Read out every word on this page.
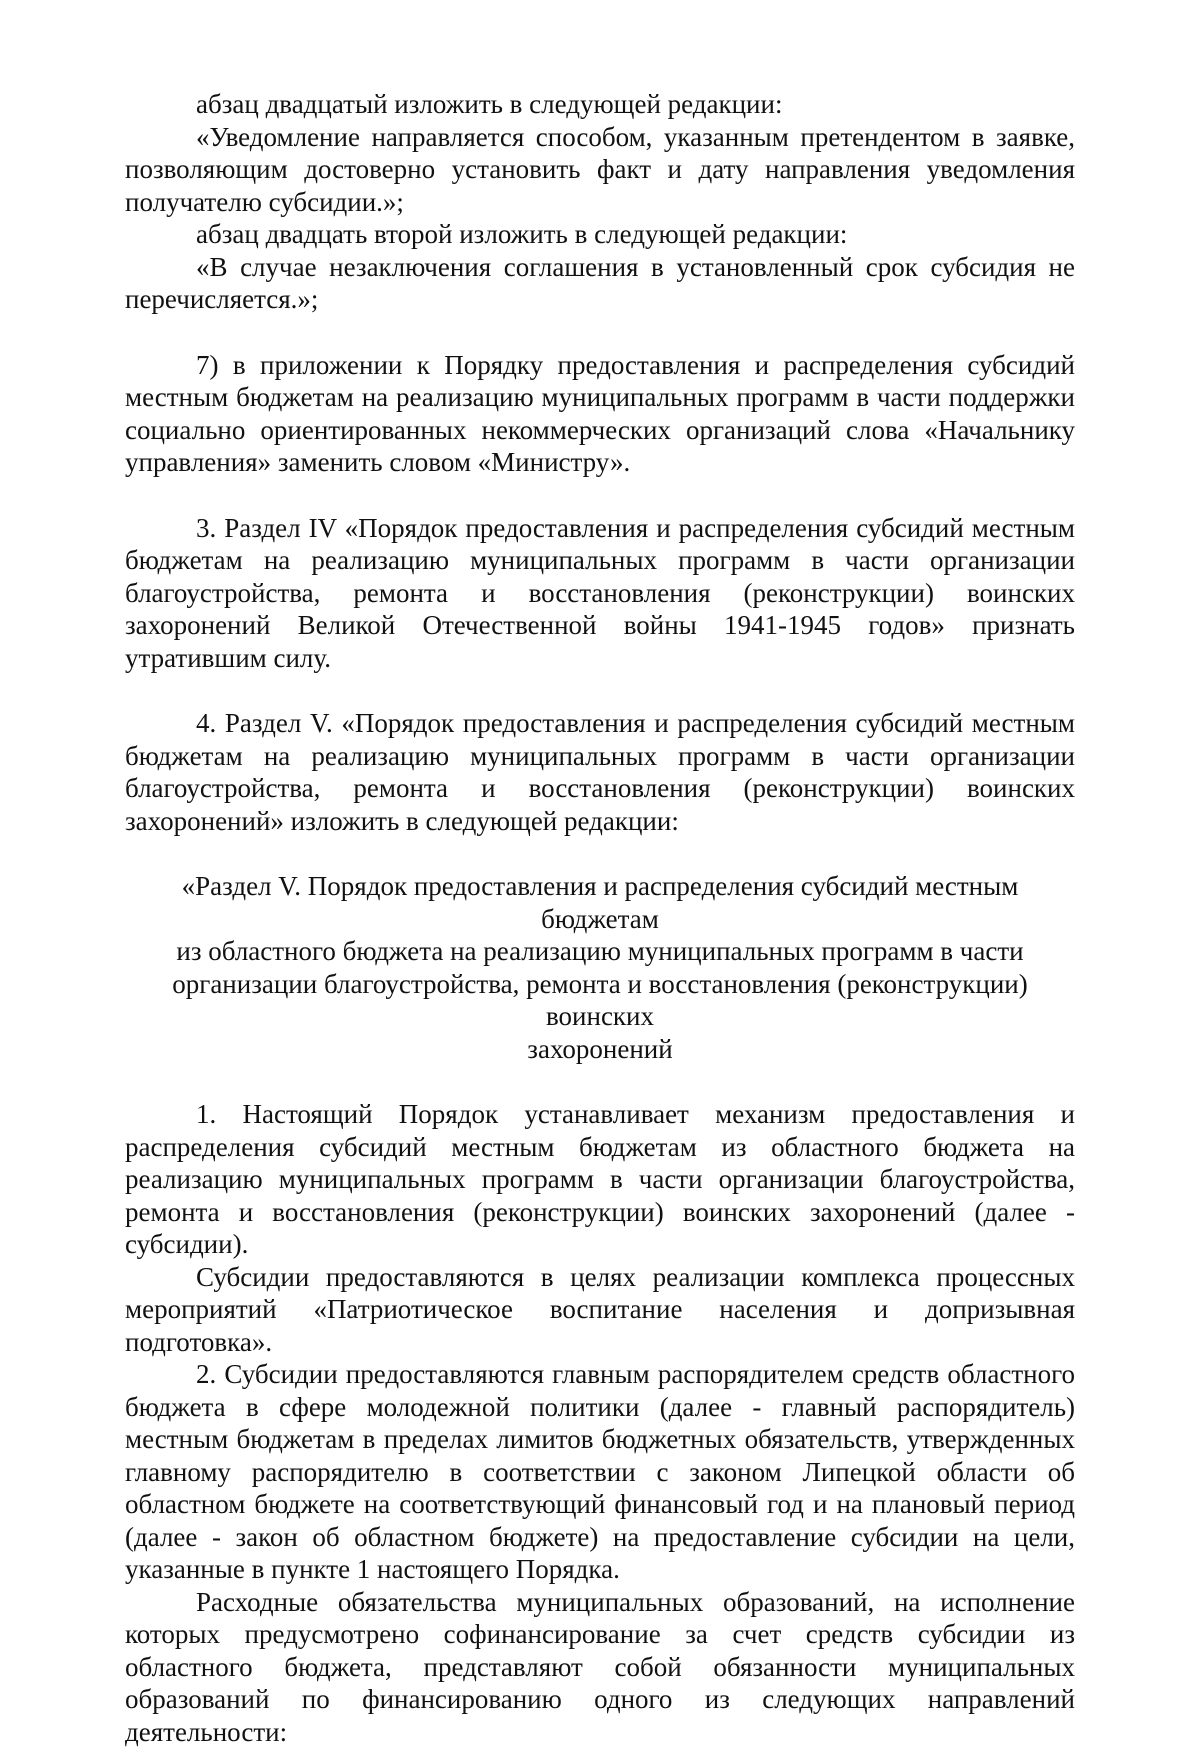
абзац двадцатый изложить в следующей редакции:

«Уведомление направляется способом, указанным претендентом в заявке, позволяющим достоверно установить факт и дату направления уведомления получателю субсидии.»;

абзац двадцать второй изложить в следующей редакции:

«В случае незаключения соглашения в установленный срок субсидия не перечисляется.»;

7) в приложении к Порядку предоставления и распределения субсидий местным бюджетам на реализацию муниципальных программ в части поддержки социально ориентированных некоммерческих организаций слова «Начальнику управления» заменить словом «Министру».

3. Раздел IV «Порядок предоставления и распределения субсидий местным бюджетам на реализацию муниципальных программ в части организации благоустройства, ремонта и восстановления (реконструкции) воинских захоронений Великой Отечественной войны 1941-1945 годов» признать утратившим силу.

4. Раздел V. «Порядок предоставления и распределения субсидий местным бюджетам на реализацию муниципальных программ в части организации благоустройства, ремонта и восстановления (реконструкции) воинских захоронений» изложить в следующей редакции:

«Раздел V. Порядок предоставления и распределения субсидий местным бюджетам

из областного бюджета на реализацию муниципальных программ в части

организации благоустройства, ремонта и восстановления (реконструкции) воинских

захоронений

1. Настоящий Порядок устанавливает механизм предоставления и распределения субсидий местным бюджетам из областного бюджета на реализацию муниципальных программ в части организации благоустройства, ремонта и восстановления (реконструкции) воинских захоронений (далее - субсидии).

Субсидии предоставляются в целях реализации комплекса процессных мероприятий «Патриотическое воспитание населения и допризывная подготовка».

2. Субсидии предоставляются главным распорядителем средств областного бюджета в сфере молодежной политики (далее - главный распорядитель) местным бюджетам в пределах лимитов бюджетных обязательств, утвержденных главному распорядителю в соответствии с законом Липецкой области об областном бюджете на соответствующий финансовый год и на плановый период (далее - закон об областном бюджете) на предоставление субсидии на цели, указанные в пункте 1 настоящего Порядка.

Расходные обязательства муниципальных образований, на исполнение которых предусмотрено софинансирование за счет средств субсидии из областного бюджета, представляют собой обязанности муниципальных образований по финансированию одного из следующих направлений деятельности:
